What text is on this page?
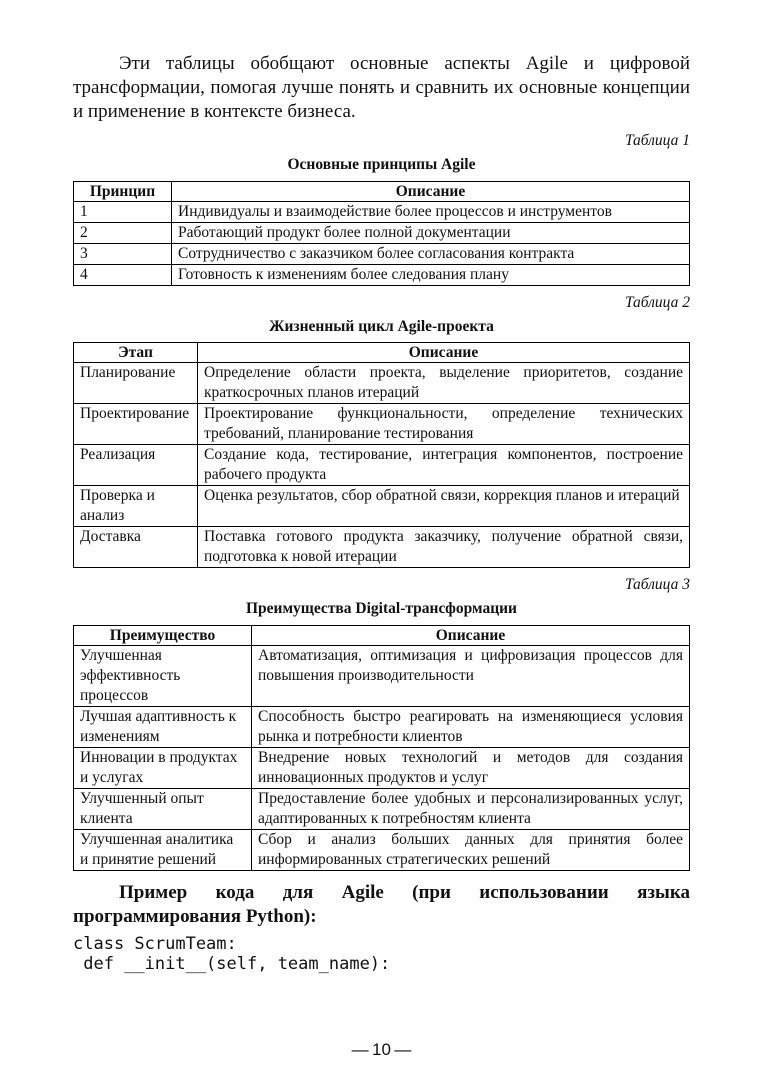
Эти таблицы обобщают основные аспекты Agile и цифровой трансформации, помогая лучше понять и сравнить их основные концепции и применение в контексте бизнеса.

Таблица 1

Основные принципы Agile

Принцип	Описание
1	Индивидуалы и взаимодействие более процессов и инструментов
2	Работающий продукт более полной документации
3	Сотрудничество с заказчиком более согласования контракта
4	Готовность к изменениям более следования плану

Таблица 2

Жизненный цикл Agile-проекта

Этап	Описание
Планирование	Определение области проекта, выделение приоритетов, создание краткосрочных планов итераций
Проектирование	Проектирование функциональности, определение технических требований, планирование тестирования
Реализация	Создание кода, тестирование, интеграция компонентов, построение рабочего продукта
Проверка и анализ	Оценка результатов, сбор обратной связи, коррекция планов и итераций
Доставка	Поставка готового продукта заказчику, получение обратной связи, подготовка к новой итерации

Таблица 3

Преимущества Digital-трансформации

Преимущество	Описание
Улучшенная эффективность процессов	Автоматизация, оптимизация и цифровизация процессов для повышения производительности
Лучшая адаптивность к изменениям	Способность быстро реагировать на изменяющиеся условия рынка и потребности клиентов
Инновации в продуктах и услугах	Внедрение новых технологий и методов для создания инновационных продуктов и услуг
Улучшенный опыт клиента	Предоставление более удобных и персонализированных услуг, адаптированных к потребностям клиента
Улучшенная аналитика и принятие решений	Сбор и анализ больших данных для принятия более информированных стратегических решений

Пример кода для Agile (при использовании языка программирования Python):

class ScrumTeam:
def __init__(self, team_name):
— 10 —
